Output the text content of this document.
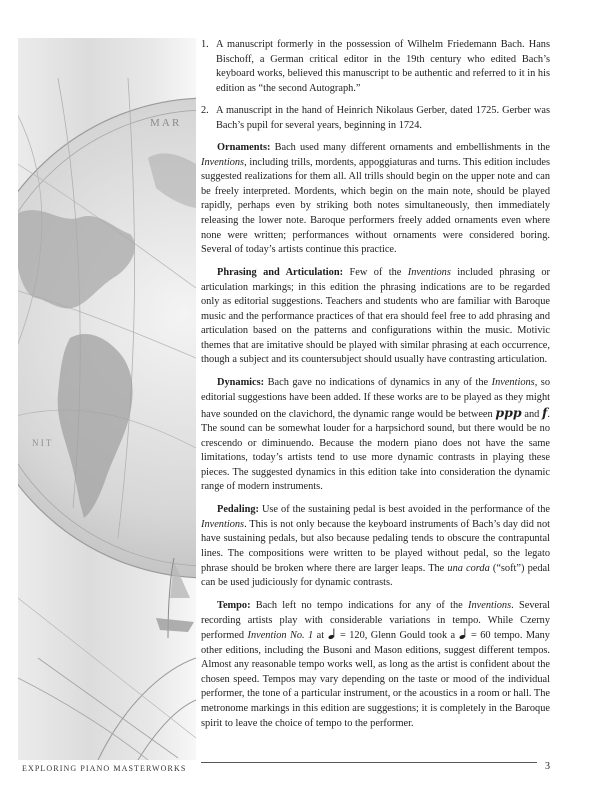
M A R
N I T
1. A manuscript formerly in the possession of Wilhelm Friedemann Bach. Hans Bischoff, a German critical editor in the 19th century who edited Bach’s keyboard works, believed this manuscript to be authentic and referred to it in his edition as “the second Autograph.”
2. A manuscript in the hand of Heinrich Nikolaus Gerber, dated 1725. Gerber was Bach’s pupil for several years, beginning in 1724.

Ornaments: Bach used many different ornaments and embellishments in the Inventions, including trills, mordents, appoggiaturas and turns. This edition includes suggested realizations for them all. All trills should begin on the upper note and can be freely interpreted. Mordents, which begin on the main note, should be played rapidly, perhaps even by striking both notes simultaneously, then immediately releasing the lower note. Baroque performers freely added ornaments even where none were written; performances without ornaments were considered boring. Several of today’s artists continue this practice.

Phrasing and Articulation: Few of the Inventions included phrasing or articulation markings; in this edition the phrasing indications are to be regarded only as editorial suggestions. Teachers and students who are familiar with Baroque music and the performance practices of that era should feel free to add phrasing and articulation based on the patterns and configurations within the music. Motivic themes that are imitative should be played with similar phrasing at each occurrence, though a subject and its countersubject should usually have contrasting articulation.

Dynamics: Bach gave no indications of dynamics in any of the Inventions, so editorial suggestions have been added. If these works are to be played as they might have sounded on the clavichord, the dynamic range would be between ppp and f. The sound can be somewhat louder for a harpsichord sound, but there would be no crescendo or diminuendo. Because the modern piano does not have the same limitations, today’s artists tend to use more dynamic contrasts in playing these pieces. The suggested dynamics in this edition take into consideration the dynamic range of modern instruments.

Pedaling: Use of the sustaining pedal is best avoided in the performance of the Inventions. This is not only because the keyboard instruments of Bach’s day did not have sustaining pedals, but also because pedaling tends to obscure the contrapuntal lines. The compositions were written to be played without pedal, so the legato phrase should be broken where there are larger leaps. The una corda (“soft”) pedal can be used judiciously for dynamic contrasts.

Tempo: Bach left no tempo indications for any of the Inventions. Several recording artists play with considerable variations in tempo. While Czerny performed Invention No. 1 at  = 120, Glenn Gould took a  = 60 tempo. Many other editions, including the Busoni and Mason editions, suggest different tempos. Almost any reasonable tempo works well, as long as the artist is confident about the chosen speed. Tempos may vary depending on the taste or mood of the individual performer, the tone of a particular instrument, or the acoustics in a room or hall. The metronome markings in this edition are suggestions; it is completely in the Baroque spirit to leave the choice of tempo to the performer.

EXPLORING PIANO MASTERWORKS	3
